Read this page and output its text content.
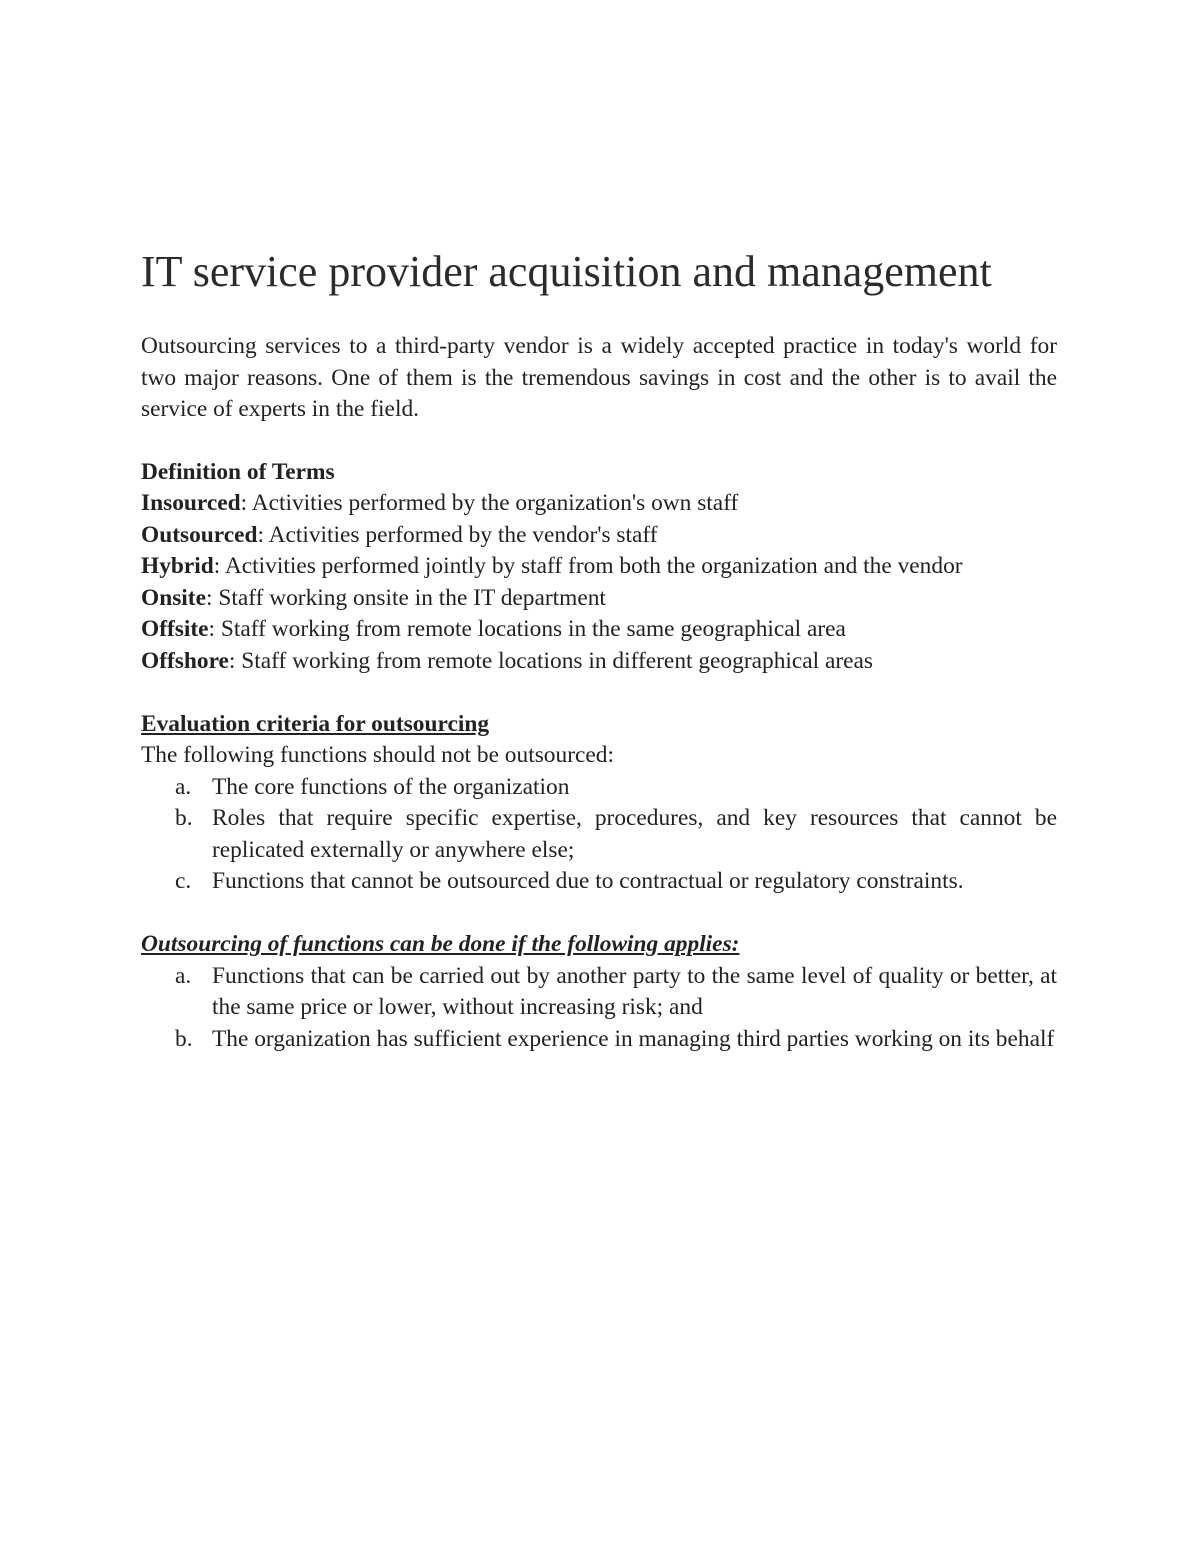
IT service provider acquisition and management

Outsourcing services to a third-party vendor is a widely accepted practice in today's world for two major reasons. One of them is the tremendous savings in cost and the other is to avail the service of experts in the field.

Definition of Terms

Insourced: Activities performed by the organization's own staff

Outsourced: Activities performed by the vendor's staff

Hybrid: Activities performed jointly by staff from both the organization and the vendor

Onsite: Staff working onsite in the IT department

Offsite: Staff working from remote locations in the same geographical area

Offshore: Staff working from remote locations in different geographical areas

Evaluation criteria for outsourcing

The following functions should not be outsourced:

a. The core functions of the organization
b. Roles that require specific expertise, procedures, and key resources that cannot be replicated externally or anywhere else;
c. Functions that cannot be outsourced due to contractual or regulatory constraints.

Outsourcing of functions can be done if the following applies:

a. Functions that can be carried out by another party to the same level of quality or better, at the same price or lower, without increasing risk; and
b. The organization has sufficient experience in managing third parties working on its behalf
